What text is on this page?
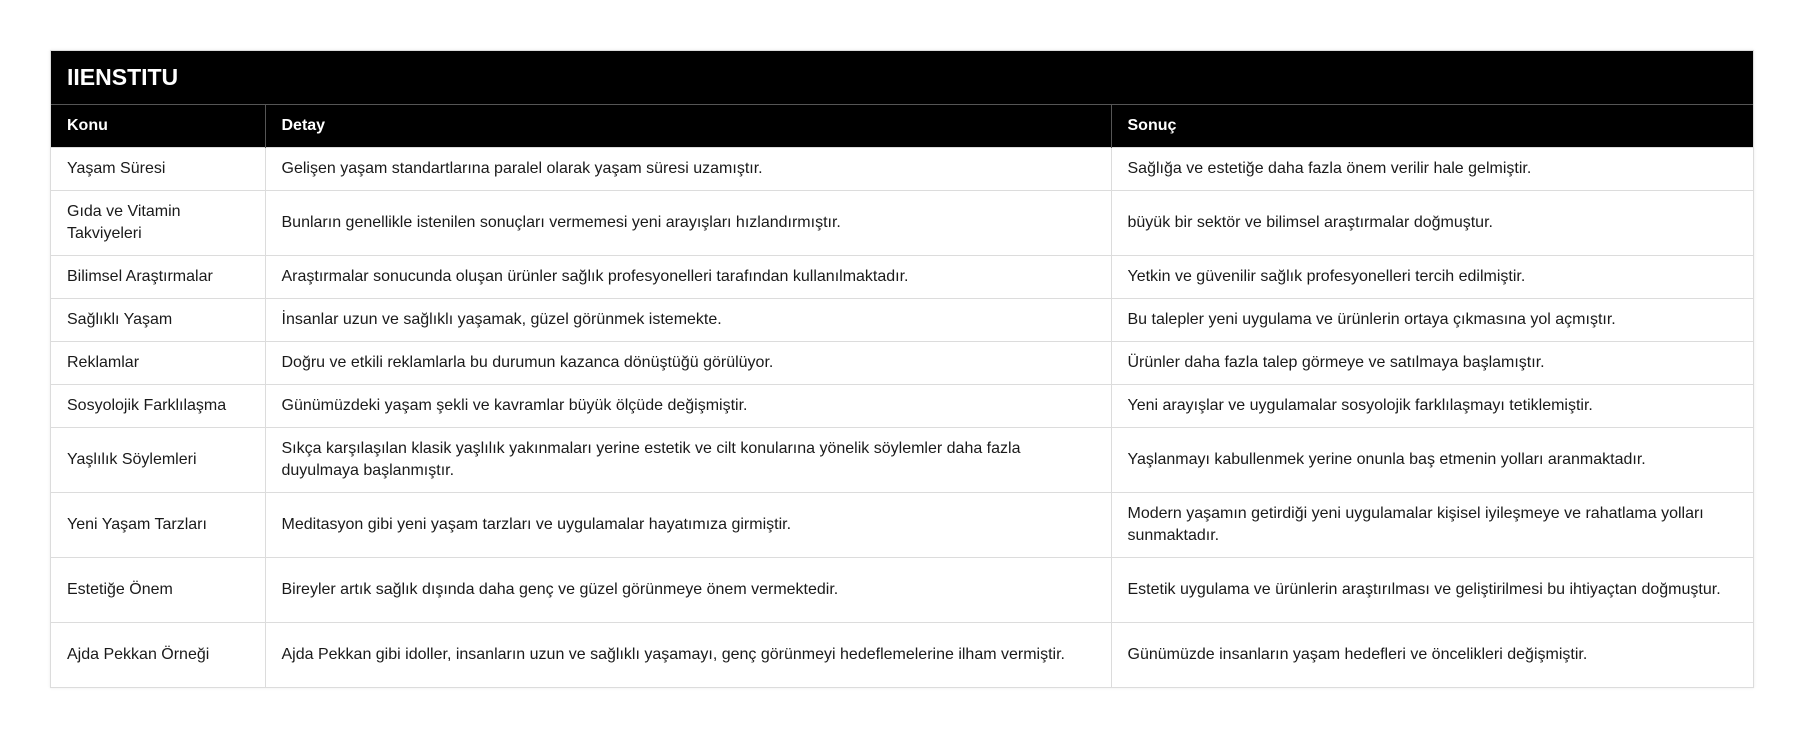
IIENSTITU
Konu	Detay	Sonuç
Yaşam Süresi	Gelişen yaşam standartlarına paralel olarak yaşam süresi uzamıştır.	Sağlığa ve estetiğe daha fazla önem verilir hale gelmiştir.
Gıda ve Vitamin Takviyeleri	Bunların genellikle istenilen sonuçları vermemesi yeni arayışları hızlandırmıştır.	büyük bir sektör ve bilimsel araştırmalar doğmuştur.
Bilimsel Araştırmalar	Araştırmalar sonucunda oluşan ürünler sağlık profesyonelleri tarafından kullanılmaktadır.	Yetkin ve güvenilir sağlık profesyonelleri tercih edilmiştir.
Sağlıklı Yaşam	İnsanlar uzun ve sağlıklı yaşamak, güzel görünmek istemekte.	Bu talepler yeni uygulama ve ürünlerin ortaya çıkmasına yol açmıştır.
Reklamlar	Doğru ve etkili reklamlarla bu durumun kazanca dönüştüğü görülüyor.	Ürünler daha fazla talep görmeye ve satılmaya başlamıştır.
Sosyolojik Farklılaşma	Günümüzdeki yaşam şekli ve kavramlar büyük ölçüde değişmiştir.	Yeni arayışlar ve uygulamalar sosyolojik farklılaşmayı tetiklemiştir.
Yaşlılık Söylemleri	Sıkça karşılaşılan klasik yaşlılık yakınmaları yerine estetik ve cilt konularına yönelik söylemler daha fazla duyulmaya başlanmıştır.	Yaşlanmayı kabullenmek yerine onunla baş etmenin yolları aranmaktadır.
Yeni Yaşam Tarzları	Meditasyon gibi yeni yaşam tarzları ve uygulamalar hayatımıza girmiştir.	Modern yaşamın getirdiği yeni uygulamalar kişisel iyileşmeye ve rahatlama yolları sunmaktadır.
Estetiğe Önem	Bireyler artık sağlık dışında daha genç ve güzel görünmeye önem vermektedir.	Estetik uygulama ve ürünlerin araştırılması ve geliştirilmesi bu ihtiyaçtan doğmuştur.
Ajda Pekkan Örneği	Ajda Pekkan gibi idoller, insanların uzun ve sağlıklı yaşamayı, genç görünmeyi hedeflemelerine ilham vermiştir.	Günümüzde insanların yaşam hedefleri ve öncelikleri değişmiştir.
